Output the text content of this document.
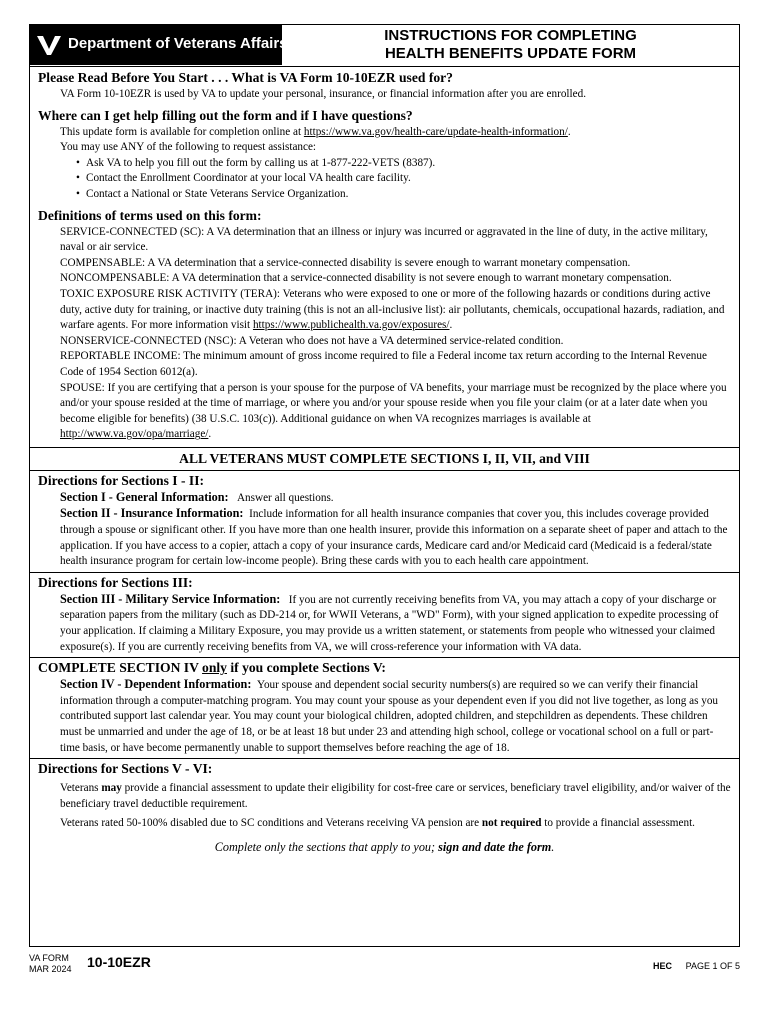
Department of Veterans Affairs	INSTRUCTIONS FOR COMPLETING
HEALTH BENEFITS UPDATE FORM
Please Read Before You Start . . . What is VA Form 10-10EZR used for?
VA Form 10-10EZR is used by VA to update your personal, insurance, or financial information after you are enrolled.
Where can I get help filling out the form and if I have questions?
This update form is available for completion online at https://www.va.gov/health-care/update-health-information/.
You may use ANY of the following to request assistance:
• Ask VA to help you fill out the form by calling us at 1-877-222-VETS (8387).
• Contact the Enrollment Coordinator at your local VA health care facility.
• Contact a National or State Veterans Service Organization.
Definitions of terms used on this form:
SERVICE-CONNECTED (SC): A VA determination that an illness or injury was incurred or aggravated in the line of duty, in the active military, naval or air service.
COMPENSABLE: A VA determination that a service-connected disability is severe enough to warrant monetary compensation.
NONCOMPENSABLE: A VA determination that a service-connected disability is not severe enough to warrant monetary compensation.
TOXIC EXPOSURE RISK ACTIVITY (TERA): Veterans who were exposed to one or more of the following hazards or conditions during active duty, active duty for training, or inactive duty training (this is not an all-inclusive list): air pollutants, chemicals, occupational hazards, radiation, and warfare agents. For more information visit https://www.publichealth.va.gov/exposures/.
NONSERVICE-CONNECTED (NSC): A Veteran who does not have a VA determined service-related condition.
REPORTABLE INCOME: The minimum amount of gross income required to file a Federal income tax return according to the Internal Revenue Code of 1954 Section 6012(a).
SPOUSE: If you are certifying that a person is your spouse for the purpose of VA benefits, your marriage must be recognized by the place where you and/or your spouse resided at the time of marriage, or where you and/or your spouse reside when you file your claim (or at a later date when you become eligible for benefits) (38 U.S.C. 103(c)). Additional guidance on when VA recognizes marriages is available at http://www.va.gov/opa/marriage/.
ALL VETERANS MUST COMPLETE SECTIONS I, II, VII, and VIII
Directions for Sections I - II:
Section I - General Information: Answer all questions.
Section II - Insurance Information: Include information for all health insurance companies that cover you, this includes coverage provided through a spouse or significant other. If you have more than one health insurer, provide this information on a separate sheet of paper and attach to the application. If you have access to a copier, attach a copy of your insurance cards, Medicare card and/or Medicaid card (Medicaid is a federal/state health insurance program for certain low-income people). Bring these cards with you to each health care appointment.
Directions for Sections III:
Section III - Military Service Information: If you are not currently receiving benefits from VA, you may attach a copy of your discharge or separation papers from the military (such as DD-214 or, for WWII Veterans, a "WD" Form), with your signed application to expedite processing of your application. If claiming a Military Exposure, you may provide us a written statement, or statements from people who witnessed your claimed exposure(s). If you are currently receiving benefits from VA, we will cross-reference your information with VA data.
COMPLETE SECTION IV only if you complete Sections V:
Section IV - Dependent Information: Your spouse and dependent social security numbers(s) are required so we can verify their financial information through a computer-matching program. You may count your spouse as your dependent even if you did not live together, as long as you contributed support last calendar year. You may count your biological children, adopted children, and stepchildren as dependents. These children must be unmarried and under the age of 18, or be at least 18 but under 23 and attending high school, college or vocational school on a full or part-time basis, or have become permanently unable to support themselves before reaching the age of 18.
Directions for Sections V - VI:
Veterans may provide a financial assessment to update their eligibility for cost-free care or services, beneficiary travel eligibility, and/or waiver of the beneficiary travel deductible requirement.
Veterans rated 50-100% disabled due to SC conditions and Veterans receiving VA pension are not required to provide a financial assessment.
Complete only the sections that apply to you; sign and date the form.
VA FORM
MAR 2024 10-10EZR	HEC PAGE 1 OF 5
